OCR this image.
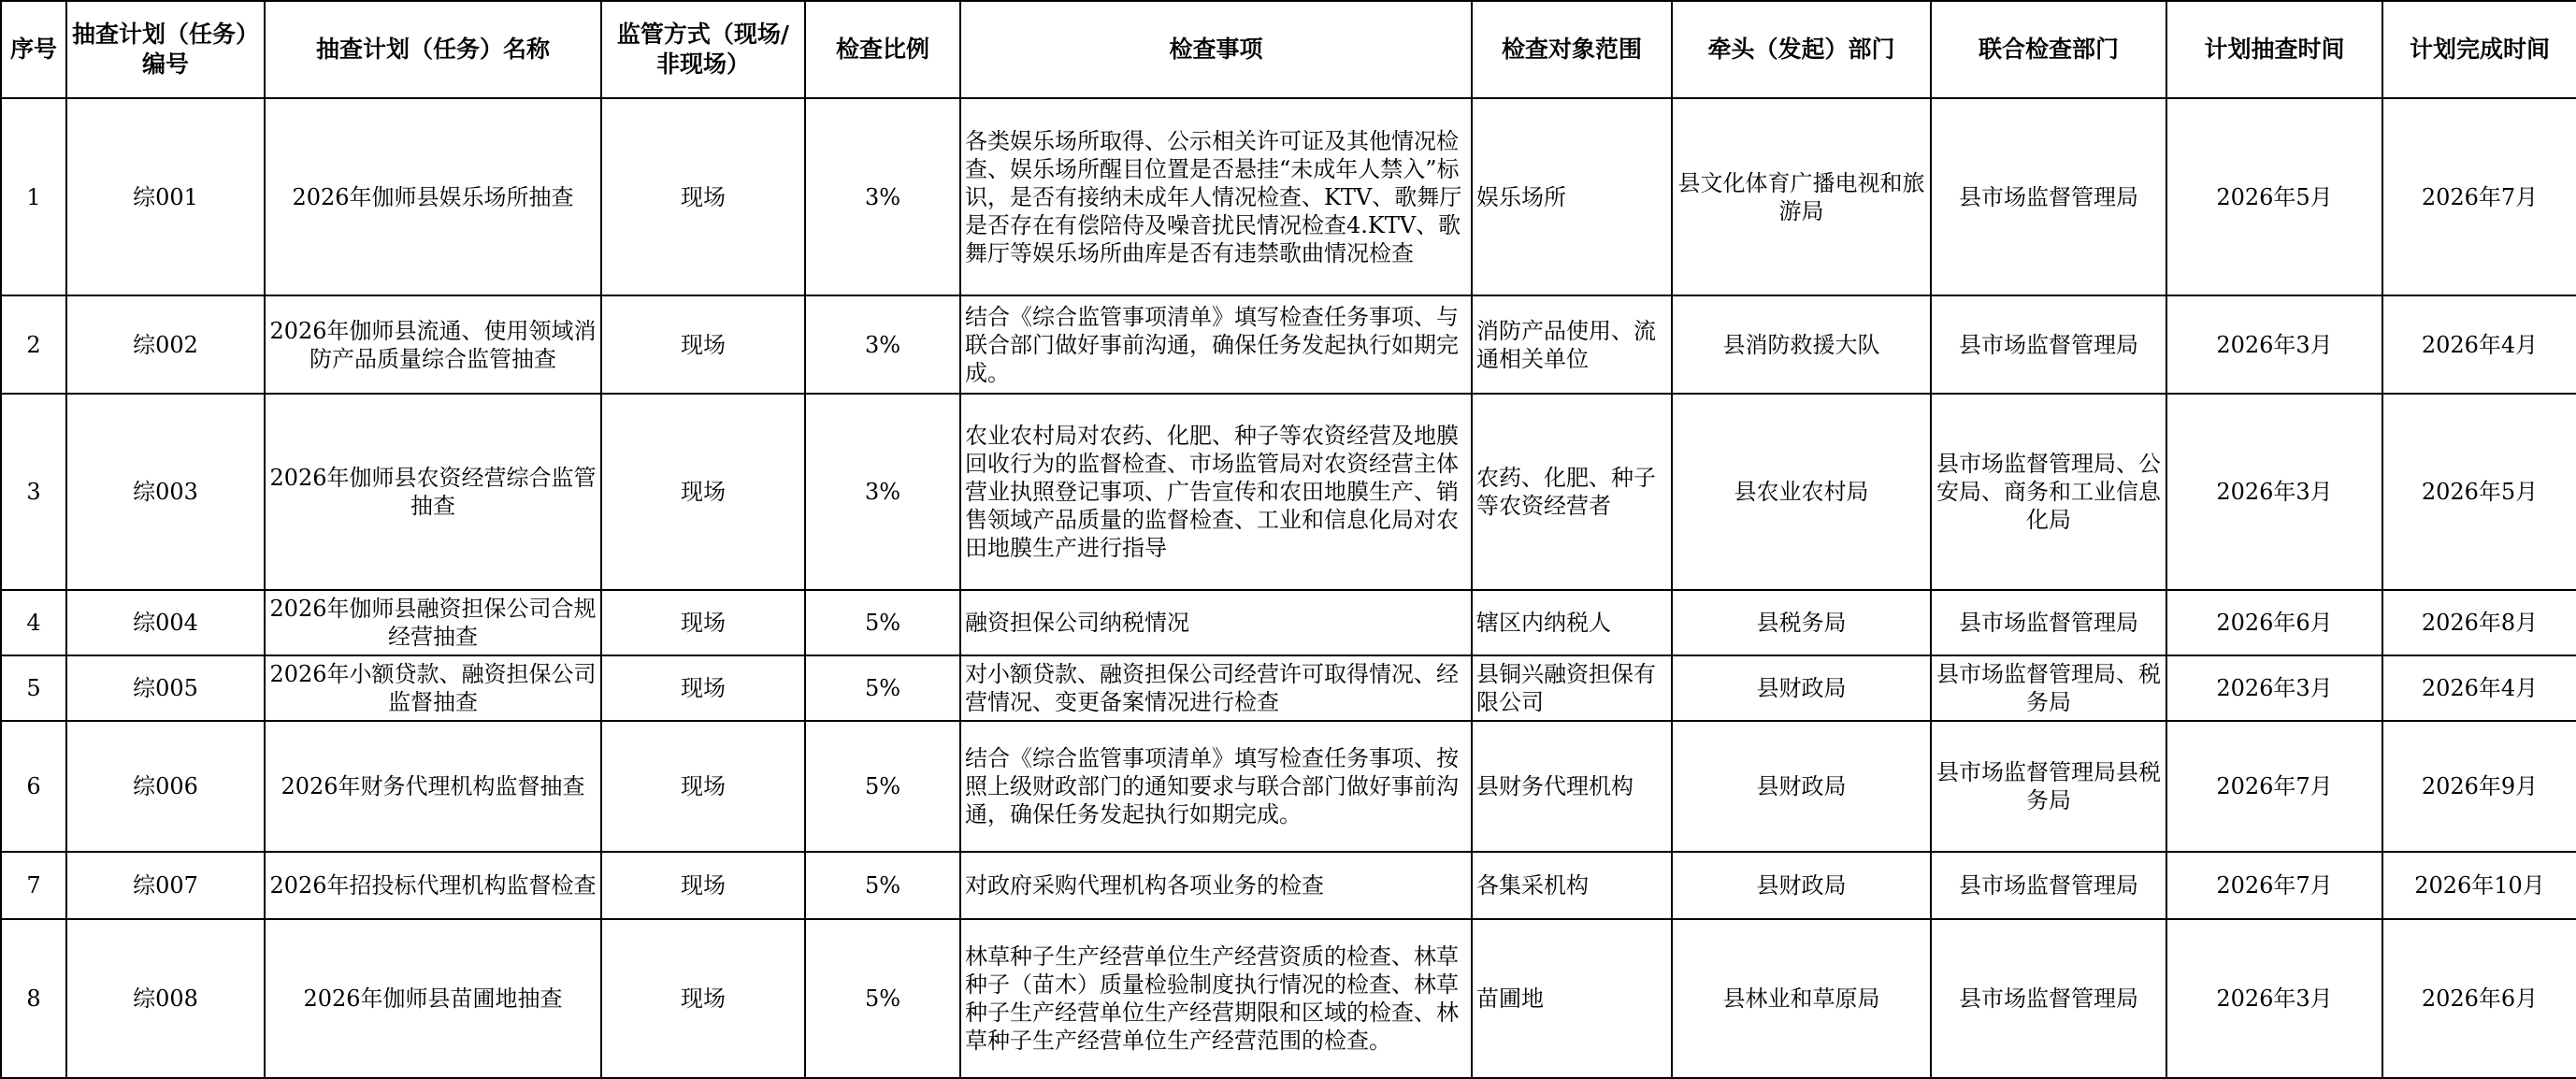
序号	抽查计划（任务）编号	抽查计划（任务）名称	监管方式（现场/非现场）	检查比例	检查事项	检查对象范围	牵头（发起）部门	联合检查部门	计划抽查时间	计划完成时间
1	综001	2026年伽师县娱乐场所抽查	现场	3%	各类娱乐场所取得、公示相关许可证及其他情况检查、娱乐场所醒目位置是否悬挂“未成年人禁入”标识，是否有接纳未成年人情况检查、KTV、歌舞厅是否存在有偿陪侍及噪音扰民情况检查4.KTV、歌舞厅等娱乐场所曲库是否有违禁歌曲情况检查	娱乐场所	县文化体育广播电视和旅游局	县市场监督管理局	2026年5月	2026年7月
2	综002	2026年伽师县流通、使用领域消防产品质量综合监管抽查	现场	3%	结合《综合监管事项清单》填写检查任务事项、与联合部门做好事前沟通，确保任务发起执行如期完成。	消防产品使用、流通相关单位	县消防救援大队	县市场监督管理局	2026年3月	2026年4月
3	综003	2026年伽师县农资经营综合监管抽查	现场	3%	农业农村局对农药、化肥、种子等农资经营及地膜回收行为的监督检查、市场监管局对农资经营主体营业执照登记事项、广告宣传和农田地膜生产、销售领域产品质量的监督检查、工业和信息化局对农田地膜生产进行指导	农药、化肥、种子等农资经营者	县农业农村局	县市场监督管理局、公安局、商务和工业信息化局	2026年3月	2026年5月
4	综004	2026年伽师县融资担保公司合规经营抽查	现场	5%	融资担保公司纳税情况	辖区内纳税人	县税务局	县市场监督管理局	2026年6月	2026年8月
5	综005	2026年小额贷款、融资担保公司监督抽查	现场	5%	对小额贷款、融资担保公司经营许可取得情况、经营情况、变更备案情况进行检查	县铜兴融资担保有限公司	县财政局	县市场监督管理局、税务局	2026年3月	2026年4月
6	综006	2026年财务代理机构监督抽查	现场	5%	结合《综合监管事项清单》填写检查任务事项、按照上级财政部门的通知要求与联合部门做好事前沟通，确保任务发起执行如期完成。	县财务代理机构	县财政局	县市场监督管理局县税务局	2026年7月	2026年9月
7	综007	2026年招投标代理机构监督检查	现场	5%	对政府采购代理机构各项业务的检查	各集采机构	县财政局	县市场监督管理局	2026年7月	2026年10月
8	综008	2026年伽师县苗圃地抽查	现场	5%	林草种子生产经营单位生产经营资质的检查、林草种子（苗木）质量检验制度执行情况的检查、林草种子生产经营单位生产经营期限和区域的检查、林草种子生产经营单位生产经营范围的检查。	苗圃地	县林业和草原局	县市场监督管理局	2026年3月	2026年6月
